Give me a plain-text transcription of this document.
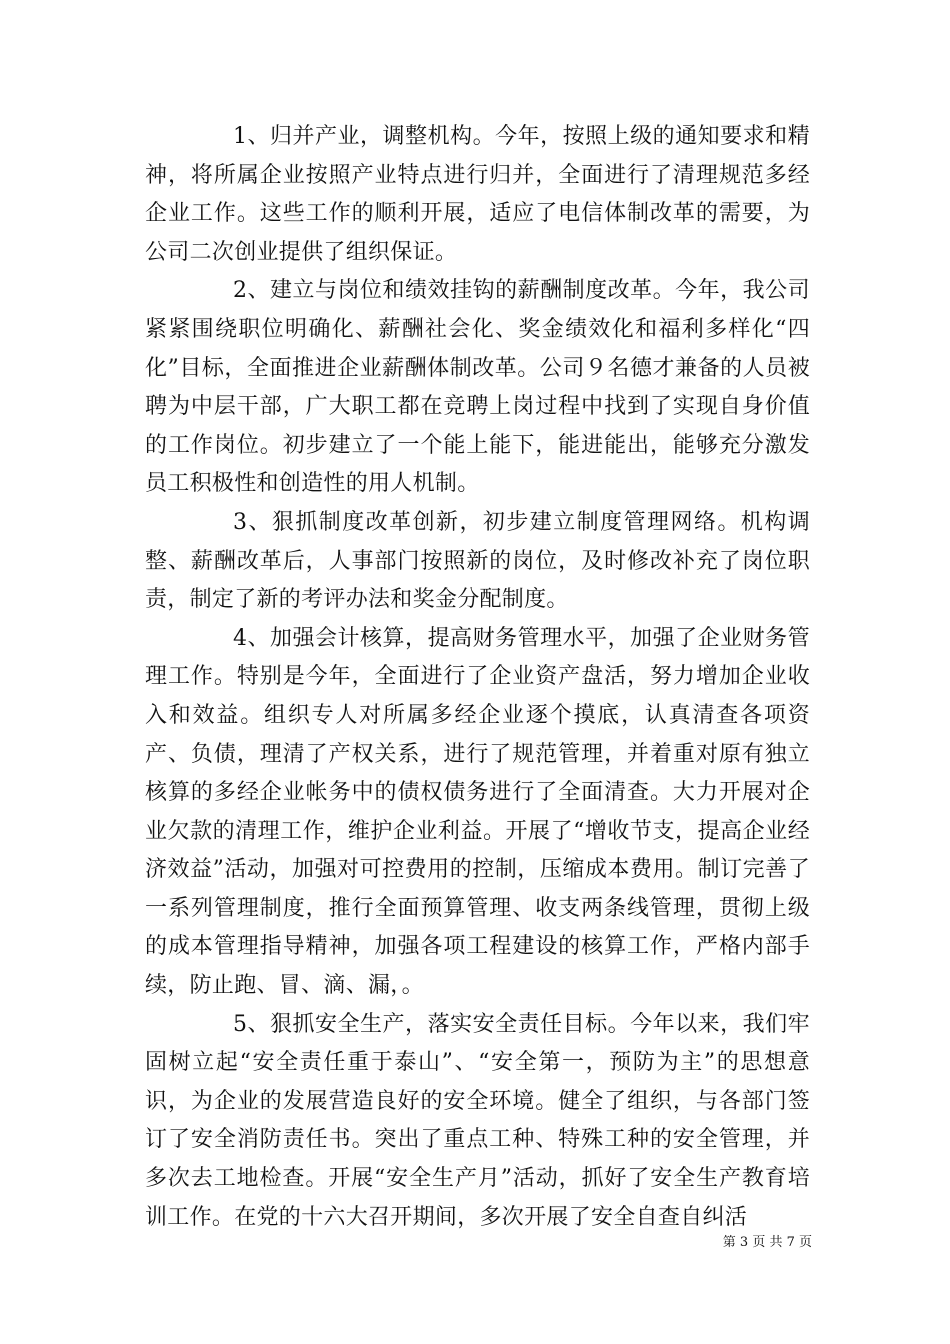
1、归并产业，调整机构。今年，按照上级的通知要求和精神，将所属企业按照产业特点进行归并，全面进行了清理规范多经企业工作。这些工作的顺利开展，适应了电信体制改革的需要，为公司二次创业提供了组织保证。

2、建立与岗位和绩效挂钩的薪酬制度改革。今年，我公司紧紧围绕职位明确化、薪酬社会化、奖金绩效化和福利多样化“四化”目标，全面推进企业薪酬体制改革。公司９名德才兼备的人员被聘为中层干部，广大职工都在竞聘上岗过程中找到了实现自身价值的工作岗位。初步建立了一个能上能下，能进能出，能够充分激发员工积极性和创造性的用人机制。

3、狠抓制度改革创新，初步建立制度管理网络。机构调整、薪酬改革后，人事部门按照新的岗位，及时修改补充了岗位职责，制定了新的考评办法和奖金分配制度。

4、加强会计核算，提高财务管理水平，加强了企业财务管理工作。特别是今年，全面进行了企业资产盘活，努力增加企业收入和效益。组织专人对所属多经企业逐个摸底，认真清查各项资产、负债，理清了产权关系，进行了规范管理，并着重对原有独立核算的多经企业帐务中的债权债务进行了全面清查。大力开展对企业欠款的清理工作，维护企业利益。开展了“增收节支，提高企业经济效益”活动，加强对可控费用的控制，压缩成本费用。制订完善了一系列管理制度，推行全面预算管理、收支两条线管理，贯彻上级的成本管理指导精神，加强各项工程建设的核算工作，严格内部手续，防止跑、冒、滴、漏，。

5、狠抓安全生产，落实安全责任目标。今年以来，我们牢固树立起“安全责任重于泰山”、“安全第一，预防为主”的思想意识，为企业的发展营造良好的安全环境。健全了组织，与各部门签订了安全消防责任书。突出了重点工种、特殊工种的安全管理，并多次去工地检查。开展“安全生产月”活动，抓好了安全生产教育培训工作。在党的十六大召开期间，多次开展了安全自查自纠活

第 3 页 共 7 页
